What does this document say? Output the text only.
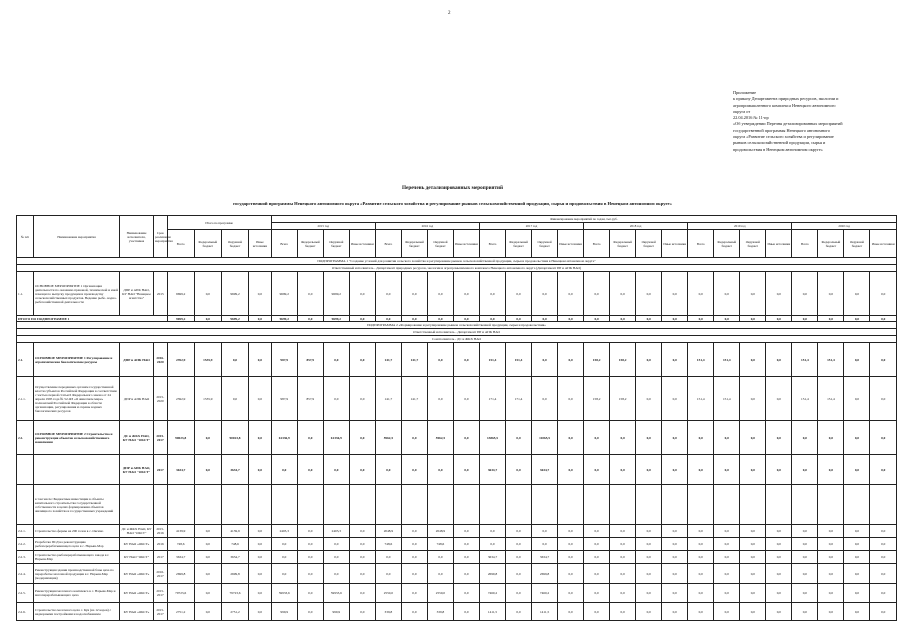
2
Приложение
к приказу Департамента природных ресурсов, экологии и
агропромышленного комплекса Ненецкого автономного
округа от
22.04.2016 № 11-пр
«Об утверждении Перечня детализированных мероприятий
государственной программы Ненецкого автономного
округа «Развитие сельского хозяйства и регулирование
рынков сельскохозяйственной продукции, сырья и
продовольствия в Ненецком автономном округе»
Перечень детализированных мероприятий
государственной программы Ненецкого автономного округа «Развитие сельского хозяйства и регулирование рынков сельскохозяйственной продукции, сырья и продовольствия в Ненецком автономном округе»
№ п/п	Наименование мероприятия	Наименование исполнителя, участников	Срок реализации мероприятия	Итого по программе				Финансирование мероприятий по годам, тыс.руб.																							
								2015 год				2016 год				2017 год				2018 год				2019 год				2020 год			
				Всего	Федеральный бюджет	Окружной бюджет	Иные источники	Всего	Федеральный бюджет	Окружной бюджет	Иные источники	Всего	Федеральный бюджет	Окружной бюджет	Иные источники	Всего	Федеральный бюджет	Окружной бюджет	Иные источники	Всего	Федеральный бюджет	Окружной бюджет	Иные источники	Всего	Федеральный бюджет	Окружной бюджет	Иные источники	Всего	Федеральный бюджет	Окружной бюджет	Иные источники
ПОДПРОГРАММА 1 "Создание условий для развития сельского хозяйства и регулирование рынков сельскохозяйственной продукции, сырья и продовольствия в Ненецком автономном округе"																															
Ответственный исполнитель - Департамент природных ресурсов, экологии и агропромышленного комплекса Ненецкого автономного округа (Департамент ПР и АПК НАО)																															
1.1.	ОСНОВНОЕ МЕРОПРИЯТИЕ 1 Организация деятельности по оказанию правовой, технической и иной помощи по выпуску продукции и производству сельскохозяйственных продуктов. Ведение рыбо- водно-рыбохозяйственной деятельности	ДПР и АПК НАО, КУ НАО "Ненецкое агентство"	2015	9699,2	0,0	9699,2	0,0	9699,2	0,0	9699,2	0,0	0,0	0,0	0,0	0,0	0,0	0,0	0,0	0,0	0,0	0,0	0,0	0,0	0,0	0,0	0,0	0,0	0,0	0,0	0,0	0,0
ИТОГО ПО ПОДПРОГРАММЕ 1				9699,2	0,0	9699,2	0,0	9699,2	0,0	9699,2	0,0	0,0	0,0	0,0	0,0	0,0	0,0	0,0	0,0	0,0	0,0	0,0	0,0	0,0	0,0	0,0	0,0	0,0	0,0	0,0	0,0
ПОДПРОГРАММА 2 «Формирование и регулирование рынков сельскохозяйственной продукции, сырья и продовольствия»																															
Ответственный исполнитель - Департамент ПР и АПК НАО																															
Соисполнитель - ДС и ЖКХ НАО																															
2.1.	ОСНОВНОЕ МЕРОПРИЯТИЕ 1 Регулирование и агрохимические биологические ресурсы	ДПР и АПК НАО	2016-2020	2392,9	1535,9	0,0	0,0	987,9	857,9	0,0	0,0	141,7	141,7	0,0	0,0	151,4	151,4	0,0	0,0	158,2	158,2	0,0	0,0	151,4	151,4	0,0	0,0	151,4	151,4	0,0	0,0
2.1.1.	Осуществление переданных органам государственной власти субъектов Российской Федерации в соответствии с частью первой статьи 6 Федерального закона от 24 апреля 1995 года № 52-ФЗ «О животном мире» полномочий Российской Федерации в области организации, регулирования и охраны водных биологических ресурсов	ДПР и АПК НАО	2015-2020	2392,9	1535,9	0,0	0,0	987,9	857,9	0,0	0,0	141,7	141,7	0,0	0,0	171,4	171,4	0,0	0,0	158,2	158,2	0,0	0,0	151,4	151,4	0,0	0,0	151,4	151,4	0,0	0,0
2.2.	ОСНОВНОЕ МЕРОПРИЯТИЕ 2 Строительство и реконструкция объектов сельскохозяйственного назначения	ДС и ЖКХ НАО, КУ НАО "ОКСТ"	2015-2017	90023,8	0,0	90023,8	0,0	61336,9	0,0	61336,9	0,0	5962,5	0,0	5962,5	0,0	13865,5	0,0	11065,5	0,0	0,0	0,0	0,0	0,0	0,0	0,0	0,0	0,0	0,0	0,0	0,0	0,0
		ДПР и АПК НАО, КУ НАО "ОКСТ"	2017	3634,7	0,0	3634,7	0,0	0,0	0,0	0,0	0,0	0,0	0,0	0,0	0,0	3634,7	0,0	3634,7	0,0	0,0	0,0	0,0	0,0	0,0	0,0	0,0	0,0	0,0	0,0	0,0	0,0
	в том числе: Бюджетные инвестиции в объекты капитального строительства государственной собственности в целях формирования объектов жилищного хозяйства и государственных учреждений																														
2.2.1.	Строительство фермы на 200 голов в с. Оксино	ДС и ЖКХ НАО, КУ НАО "ОКСТ"	2015-2016	4139,9	0,0	4139,9	0,0	2403,3	0,0	2403,3	0,0	2048,9	0,0	2048,9	0,0	0,0	0,0	0,0	0,0	0,0	0,0	0,0	0,0	0,0	0,0	0,0	0,0	0,0	0,0	0,0	0,0
2.2.2.	Разработка ПСД на реконструкцию рыбоперерабатывающего цеха в с. Нарьян-Мар	КУ НАО «ОКСТ»	2016	748,6	0,0	748,6	0,0	0,0	0,0	0,0	0,0	748,6	0,0	748,6	0,0	0,0	0,0	0,0	0,0	0,0	0,0	0,0	0,0	0,0	0,0	0,0	0,0	0,0	0,0	0,0	0,0
2.2.3.	Строительство рыбоперерабатывающего завода в г. Нарьян-Мар	КУ НАО "ОКСТ"	2017	3634,7	0,0	3634,7	0,0	0,0	0,0	0,0	0,0	0,0	0,0	0,0	0,0	3634,7	0,0	3634,7	0,0	0,0	0,0	0,0	0,0	0,0	0,0	0,0	0,0	0,0	0,0	0,0	0,0
2.2.4.	Реконструкция здания производственной базы цеха по переработке молочной продукции в г. Нарьян-Мар (модернизация)	КУ НАО «ОКСТ»	2016-2017	2699,8	0,0	2699,8	0,0	0,0	0,0	0,0	0,0	0,0	0,0	0,0	0,0	2699,8	0,0	2699,8	0,0	0,0	0,0	0,0	0,0	0,0	0,0	0,0	0,0	0,0	0,0	0,0	0,0
2.2.5.	Реконструкция молочного комплекса в с. Нарьян-Мар и мясоперерабатывающего цеха	КУ НАО «ОКСТ»	2015-2017	79723,6	0,0	79723,6	0,0	59933,6	0,0	59933,6	0,0	2550,0	0,0	2550,0	0,0	7460,2	0,0	7460,2	0,0	0,0	0,0	0,0	0,0	0,0	0,0	0,0	0,0	0,0	0,0	0,0	0,0
2.2.6.	Строительство молочного цеха с. Куя (на 12 коров) с надворными постройками и водоснабжением	КУ НАО «ОКСТ»	2015-2017	2751,2	0,0	2751,2	0,0	999,9	0,0	999,9	0,0	339,8	0,0	339,8	0,0	1411,5	0,0	1411,5	0,0	0,0	0,0	0,0	0,0	0,0	0,0	0,0	0,0	0,0	0,0	0,0	0,0
